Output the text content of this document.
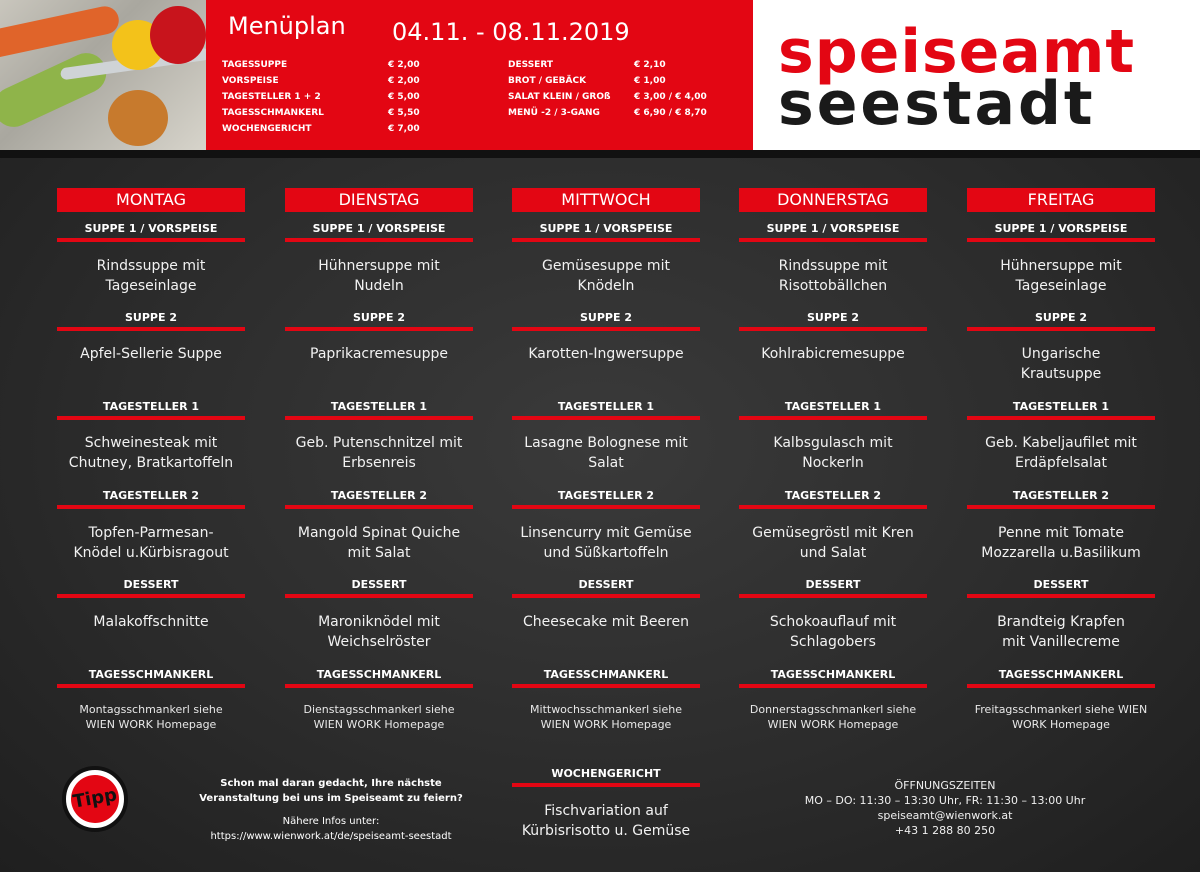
Menüplan 04.11. - 08.11.2019
TAGESSUPPE	€ 2,00
VORSPEISE	€ 2,00
TAGESTELLER 1 + 2	€ 5,00
TAGESSCHMANKERL	€ 5,50
WOCHENGERICHT	€ 7,00
DESSERT	€ 2,10
BROT / GEBÄCK	€ 1,00
SALAT KLEIN / GROß	€ 3,00 / € 4,00
MENÜ -2 / 3-GANG	€ 6,90 / € 8,70
speiseamt
seestadt
Tipp
Schon mal daran gedacht, Ihre nächste
Veranstaltung bei uns im Speiseamt zu feiern?
Nähere Infos unter:
https://www.wienwork.at/de/speiseamt-seestadt
ÖFFNUNGSZEITEN
MO – DO: 11:30 – 13:30 Uhr, FR: 11:30 – 13:00 Uhr
speiseamt@wienwork.at
+43 1 288 80 250
MONTAG
SUPPE 1 / VORSPEISE
Rindssuppe mit
Tageseinlage
SUPPE 2
Apfel-Sellerie Suppe
TAGESTELLER 1
Schweinesteak mit
Chutney, Bratkartoffeln
TAGESTELLER 2
Topfen-Parmesan-
Knödel u.Kürbisragout
DESSERT
Malakoffschnitte
TAGESSCHMANKERL
Montagsschmankerl siehe
WIEN WORK Homepage
DIENSTAG
SUPPE 1 / VORSPEISE
Hühnersuppe mit
Nudeln
SUPPE 2
Paprikacremesuppe
TAGESTELLER 1
Geb. Putenschnitzel mit
Erbsenreis
TAGESTELLER 2
Mangold Spinat Quiche
mit Salat
DESSERT
Maroniknödel mit
Weichselröster
TAGESSCHMANKERL
Dienstagsschmankerl siehe
WIEN WORK Homepage
MITTWOCH
SUPPE 1 / VORSPEISE
Gemüsesuppe mit
Knödeln
SUPPE 2
Karotten-Ingwersuppe
TAGESTELLER 1
Lasagne Bolognese mit
Salat
TAGESTELLER 2
Linsencurry mit Gemüse
und Süßkartoffeln
DESSERT
Cheesecake mit Beeren
TAGESSCHMANKERL
Mittwochsschmankerl siehe
WIEN WORK Homepage
DONNERSTAG
SUPPE 1 / VORSPEISE
Rindssuppe mit
Risottobällchen
SUPPE 2
Kohlrabicremesuppe
TAGESTELLER 1
Kalbsgulasch mit
Nockerln
TAGESTELLER 2
Gemüsegröstl mit Kren
und Salat
DESSERT
Schokoauflauf mit
Schlagobers
TAGESSCHMANKERL
Donnerstagsschmankerl siehe
WIEN WORK Homepage
FREITAG
SUPPE 1 / VORSPEISE
Hühnersuppe mit
Tageseinlage
SUPPE 2
Ungarische
Krautsuppe
TAGESTELLER 1
Geb. Kabeljaufilet mit
Erdäpfelsalat
TAGESTELLER 2
Penne mit Tomate
Mozzarella u.Basilikum
DESSERT
Brandteig Krapfen
mit Vanillecreme
TAGESSCHMANKERL
Freitagsschmankerl siehe WIEN
WORK Homepage
WOCHENGERICHT
Fischvariation auf
Kürbisrisotto u. Gemüse
